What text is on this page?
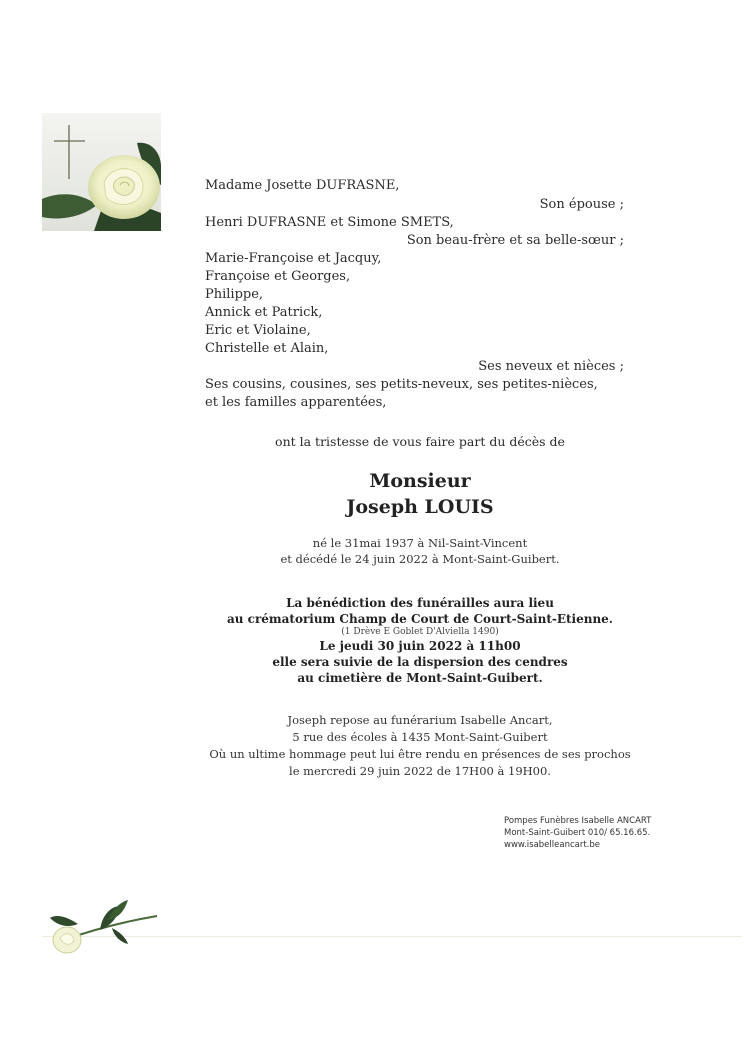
Madame Josette DUFRASNE,
Son épouse ;
Henri DUFRASNE et Simone SMETS,
Son beau-frère et sa belle-sœur ;
Marie-Françoise et Jacquy,
Françoise et Georges,
Philippe,
Annick et Patrick,
Eric et Violaine,
Christelle et Alain,
Ses neveux et nièces ;
Ses cousins, cousines, ses petits-neveux, ses petites-nièces,
et les familles apparentées,
ont la tristesse de vous faire part du décès de
Monsieur
Joseph LOUIS
né le 31mai 1937 à Nil-Saint-Vincent
et décédé le 24 juin 2022 à Mont-Saint-Guibert.
La bénédiction des funérailles aura lieu
au crématorium Champ de Court de Court-Saint-Etienne.
(1 Drève E Goblet D'Alviella 1490)
Le jeudi 30 juin 2022 à 11h00
elle sera suivie de la dispersion des cendres
au cimetière de Mont-Saint-Guibert.
Joseph repose au funérarium Isabelle Ancart,
5 rue des écoles à 1435 Mont-Saint-Guibert
Où un ultime hommage peut lui être rendu en présences de ses prochos
le mercredi 29 juin 2022 de 17H00 à 19H00.
Pompes Funèbres Isabelle ANCART
Mont-Saint-Guibert 010/ 65.16.65.
www.isabelleancart.be
